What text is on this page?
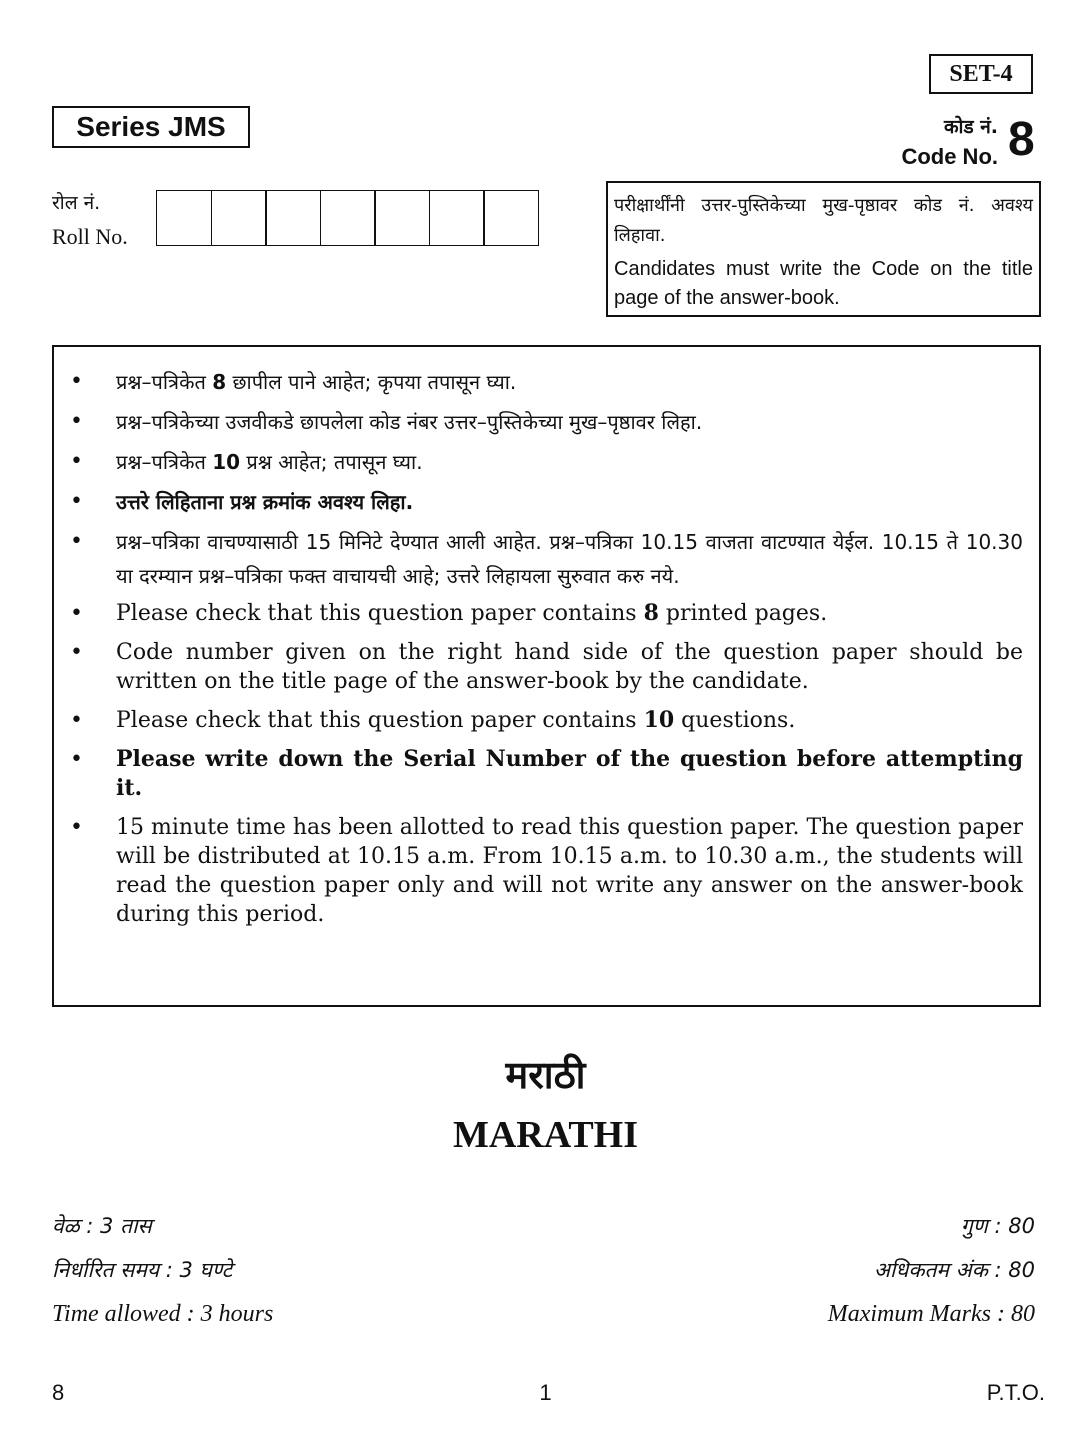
SET-4
Series JMS	कोड नं.
Code No. 8
रोल नं.
Roll No.
परीक्षार्थींनी उत्तर-पुस्तिकेच्या मुख-पृष्ठावर कोड नं. अवश्य लिहावा.
Candidates must write the Code on the title page of the answer-book.
• प्रश्न–पत्रिकेत 8 छापील पाने आहेत; कृपया तपासून घ्या.
• प्रश्न–पत्रिकेच्या उजवीकडे छापलेला कोड नंबर उत्तर–पुस्तिकेच्या मुख–पृष्ठावर लिहा.
• प्रश्न–पत्रिकेत 10 प्रश्न आहेत; तपासून घ्या.
• उत्तरे लिहिताना प्रश्न क्रमांक अवश्य लिहा.
• प्रश्न–पत्रिका वाचण्यासाठी 15 मिनिटे देण्यात आली आहेत. प्रश्न–पत्रिका 10.15 वाजता वाटण्यात येईल. 10.15 ते 10.30 या दरम्यान प्रश्न–पत्रिका फक्त वाचायची आहे; उत्तरे लिहायला सुरुवात करु नये.
• Please check that this question paper contains 8 printed pages.
• Code number given on the right hand side of the question paper should be written on the title page of the answer-book by the candidate.
• Please check that this question paper contains 10 questions.
• Please write down the Serial Number of the question before attempting it.
• 15 minute time has been allotted to read this question paper. The question paper will be distributed at 10.15 a.m. From 10.15 a.m. to 10.30 a.m., the students will read the question paper only and will not write any answer on the answer-book during this period.
मराठी
MARATHI
वेळ : 3 तास
निर्धारित समय : 3 घण्टे
Time allowed : 3 hours
गुण : 80
अधिकतम अंक : 80
Maximum Marks : 80
8	1	P.T.O.
